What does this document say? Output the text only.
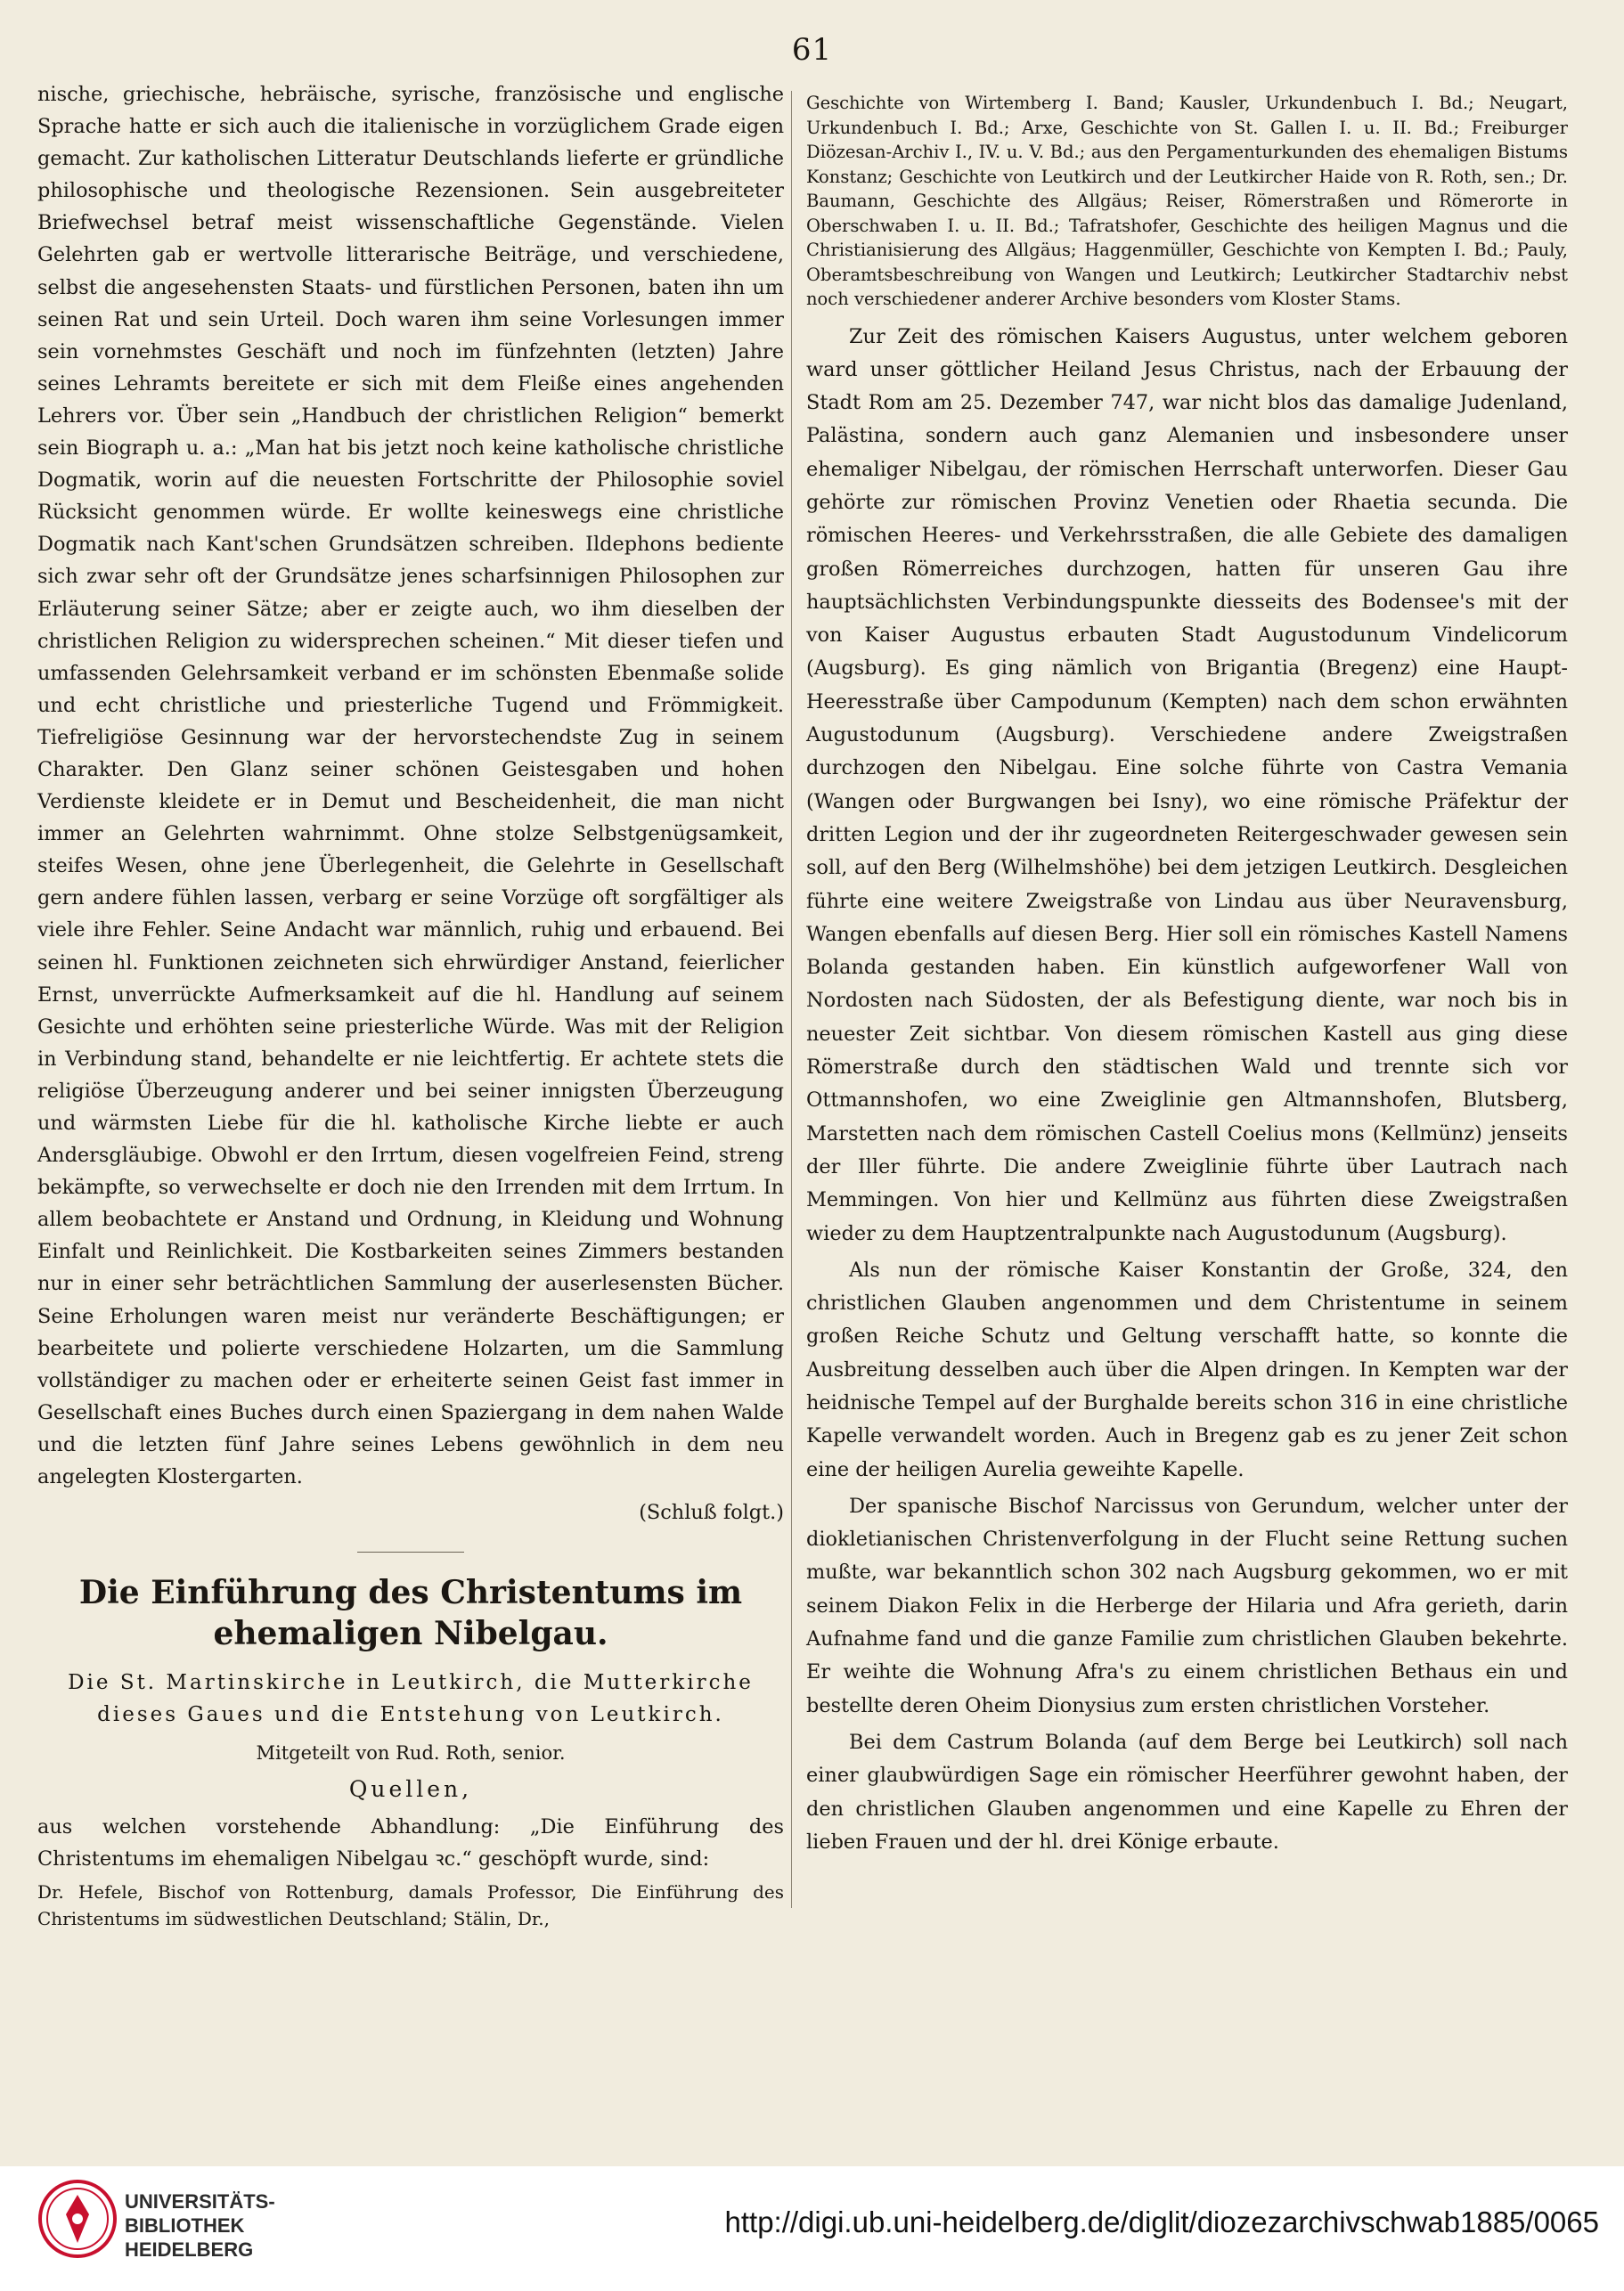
61

nische, griechische, hebräische, syrische, französische und englische Sprache hatte er sich auch die italienische in vorzüglichem Grade eigen gemacht. Zur katholischen Litteratur Deutschlands lieferte er gründliche philosophische und theologische Rezensionen. Sein ausgebreiteter Briefwechsel betraf meist wissenschaftliche Gegenstände. Vielen Gelehrten gab er wertvolle litterarische Beiträge, und verschiedene, selbst die angesehensten Staats- und fürstlichen Personen, baten ihn um seinen Rat und sein Urteil. Doch waren ihm seine Vorlesungen immer sein vornehmstes Geschäft und noch im fünfzehnten (letzten) Jahre seines Lehramts bereitete er sich mit dem Fleiße eines angehenden Lehrers vor. Über sein „Handbuch der christlichen Religion“ bemerkt sein Biograph u. a.: „Man hat bis jetzt noch keine katholische christliche Dogmatik, worin auf die neuesten Fortschritte der Philosophie soviel Rücksicht genommen würde. Er wollte keineswegs eine christliche Dogmatik nach Kant'schen Grundsätzen schreiben. Ildephons bediente sich zwar sehr oft der Grundsätze jenes scharfsinnigen Philosophen zur Erläuterung seiner Sätze; aber er zeigte auch, wo ihm dieselben der christlichen Religion zu widersprechen scheinen.“ Mit dieser tiefen und umfassenden Gelehrsamkeit verband er im schönsten Ebenmaße solide und echt christliche und priesterliche Tugend und Frömmigkeit. Tiefreligiöse Gesinnung war der hervorstechendste Zug in seinem Charakter. Den Glanz seiner schönen Geistesgaben und hohen Verdienste kleidete er in Demut und Bescheidenheit, die man nicht immer an Gelehrten wahrnimmt. Ohne stolze Selbstgenügsamkeit, steifes Wesen, ohne jene Überlegenheit, die Gelehrte in Gesellschaft gern andere fühlen lassen, verbarg er seine Vorzüge oft sorgfältiger als viele ihre Fehler. Seine Andacht war männlich, ruhig und erbauend. Bei seinen hl. Funktionen zeichneten sich ehrwürdiger Anstand, feierlicher Ernst, unverrückte Aufmerksamkeit auf die hl. Handlung auf seinem Gesichte und erhöhten seine priesterliche Würde. Was mit der Religion in Verbindung stand, behandelte er nie leichtfertig. Er achtete stets die religiöse Überzeugung anderer und bei seiner innigsten Überzeugung und wärmsten Liebe für die hl. katholische Kirche liebte er auch Andersgläubige. Obwohl er den Irrtum, diesen vogelfreien Feind, streng bekämpfte, so verwechselte er doch nie den Irrenden mit dem Irrtum. In allem beobachtete er Anstand und Ordnung, in Kleidung und Wohnung Einfalt und Reinlichkeit. Die Kostbarkeiten seines Zimmers bestanden nur in einer sehr beträchtlichen Sammlung der auserlesensten Bücher. Seine Erholungen waren meist nur veränderte Beschäftigungen; er bearbeitete und polierte verschiedene Holzarten, um die Sammlung vollständiger zu machen oder er erheiterte seinen Geist fast immer in Gesellschaft eines Buches durch einen Spaziergang in dem nahen Walde und die letzten fünf Jahre seines Lebens gewöhnlich in dem neu angelegten Klostergarten.

(Schluß folgt.)
Die Einführung des Christentums im ehemaligen Nibelgau.

Die St. Martinskirche in Leutkirch, die Mutterkirche dieses Gaues und die Entstehung von Leutkirch.

Mitgeteilt von Rud. Roth, senior.

Quellen,

aus welchen vorstehende Abhandlung: „Die Einführung des Christentums im ehemaligen Nibelgau ꝛc.“ geschöpft wurde, sind:

Dr. Hefele, Bischof von Rottenburg, damals Professor, Die Einführung des Christentums im südwestlichen Deutschland; Stälin, Dr.,

Geschichte von Wirtemberg I. Band; Kausler, Urkundenbuch I. Bd.; Neugart, Urkundenbuch I. Bd.; Arxe, Geschichte von St. Gallen I. u. II. Bd.; Freiburger Diözesan-Archiv I., IV. u. V. Bd.; aus den Pergamenturkunden des ehemaligen Bistums Konstanz; Geschichte von Leutkirch und der Leutkircher Haide von R. Roth, sen.; Dr. Baumann, Geschichte des Allgäus; Reiser, Römerstraßen und Römerorte in Oberschwaben I. u. II. Bd.; Tafratshofer, Geschichte des heiligen Magnus und die Christianisierung des Allgäus; Haggenmüller, Geschichte von Kempten I. Bd.; Pauly, Oberamtsbeschreibung von Wangen und Leutkirch; Leutkircher Stadtarchiv nebst noch verschiedener anderer Archive besonders vom Kloster Stams.

Zur Zeit des römischen Kaisers Augustus, unter welchem geboren ward unser göttlicher Heiland Jesus Christus, nach der Erbauung der Stadt Rom am 25. Dezember 747, war nicht blos das damalige Judenland, Palästina, sondern auch ganz Alemanien und insbesondere unser ehemaliger Nibelgau, der römischen Herrschaft unterworfen. Dieser Gau gehörte zur römischen Provinz Venetien oder Rhaetia secunda. Die römischen Heeres- und Verkehrsstraßen, die alle Gebiete des damaligen großen Römerreiches durchzogen, hatten für unseren Gau ihre hauptsächlichsten Verbindungspunkte diesseits des Bodensee's mit der von Kaiser Augustus erbauten Stadt Augustodunum Vindelicorum (Augsburg). Es ging nämlich von Brigantia (Bregenz) eine Haupt-Heeresstraße über Campodunum (Kempten) nach dem schon erwähnten Augustodunum (Augsburg). Verschiedene andere Zweigstraßen durchzogen den Nibelgau. Eine solche führte von Castra Vemania (Wangen oder Burgwangen bei Isny), wo eine römische Präfektur der dritten Legion und der ihr zugeordneten Reitergeschwader gewesen sein soll, auf den Berg (Wilhelmshöhe) bei dem jetzigen Leutkirch. Desgleichen führte eine weitere Zweigstraße von Lindau aus über Neuravensburg, Wangen ebenfalls auf diesen Berg. Hier soll ein römisches Kastell Namens Bolanda gestanden haben. Ein künstlich aufgeworfener Wall von Nordosten nach Südosten, der als Befestigung diente, war noch bis in neuester Zeit sichtbar. Von diesem römischen Kastell aus ging diese Römerstraße durch den städtischen Wald und trennte sich vor Ottmannshofen, wo eine Zweiglinie gen Altmannshofen, Blutsberg, Marstetten nach dem römischen Castell Coelius mons (Kellmünz) jenseits der Iller führte. Die andere Zweiglinie führte über Lautrach nach Memmingen. Von hier und Kellmünz aus führten diese Zweigstraßen wieder zu dem Hauptzentralpunkte nach Augustodunum (Augsburg).

Als nun der römische Kaiser Konstantin der Große, 324, den christlichen Glauben angenommen und dem Christentume in seinem großen Reiche Schutz und Geltung verschafft hatte, so konnte die Ausbreitung desselben auch über die Alpen dringen. In Kempten war der heidnische Tempel auf der Burghalde bereits schon 316 in eine christliche Kapelle verwandelt worden. Auch in Bregenz gab es zu jener Zeit schon eine der heiligen Aurelia geweihte Kapelle.

Der spanische Bischof Narcissus von Gerundum, welcher unter der diokletianischen Christenverfolgung in der Flucht seine Rettung suchen mußte, war bekanntlich schon 302 nach Augsburg gekommen, wo er mit seinem Diakon Felix in die Herberge der Hilaria und Afra gerieth, darin Aufnahme fand und die ganze Familie zum christlichen Glauben bekehrte. Er weihte die Wohnung Afra's zu einem christlichen Bethaus ein und bestellte deren Oheim Dionysius zum ersten christlichen Vorsteher.

Bei dem Castrum Bolanda (auf dem Berge bei Leutkirch) soll nach einer glaubwürdigen Sage ein römischer Heerführer gewohnt haben, der den christlichen Glauben angenommen und eine Kapelle zu Ehren der lieben Frauen und der hl. drei Könige erbaute.

UNIVERSITÄTS-
BIBLIOTHEK
HEIDELBERG
http://digi.ub.uni-heidelberg.de/diglit/diozezarchivschwab1885/0065
